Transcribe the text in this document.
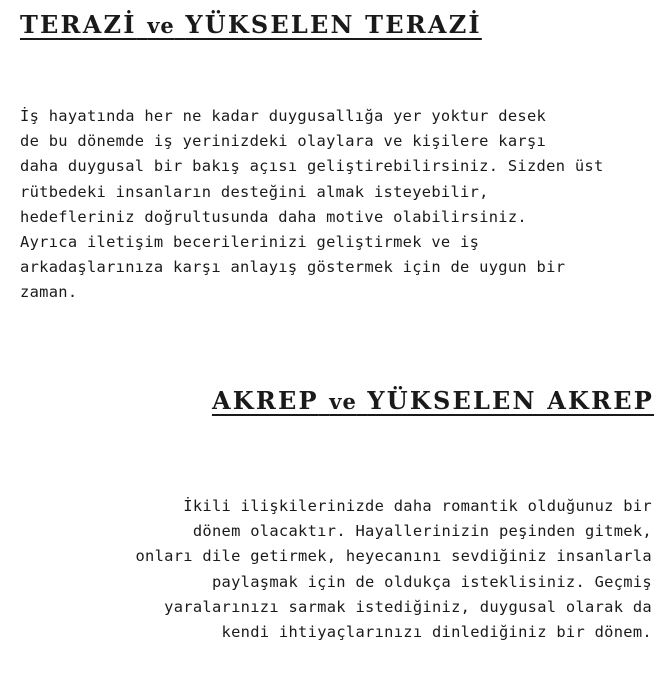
TERAZİ ve YÜKSELEN TERAZİ

İş hayatında her ne kadar duygusallığa yer yoktur desek
de bu dönemde iş yerinizdeki olaylara ve kişilere karşı
daha duygusal bir bakış açısı geliştirebilirsiniz. Sizden üst
rütbedeki insanların desteğini almak isteyebilir,
hedefleriniz doğrultusunda daha motive olabilirsiniz.
Ayrıca iletişim becerilerinizi geliştirmek ve iş
arkadaşlarınıza karşı anlayış göstermek için de uygun bir
zaman.

AKREP ve YÜKSELEN AKREP

İkili ilişkilerinizde daha romantik olduğunuz bir
dönem olacaktır. Hayallerinizin peşinden gitmek,
onları dile getirmek, heyecanını sevdiğiniz insanlarla
paylaşmak için de oldukça isteklisiniz. Geçmiş
yaralarınızı sarmak istediğiniz, duygusal olarak da
kendi ihtiyaçlarınızı dinlediğiniz bir dönem.
